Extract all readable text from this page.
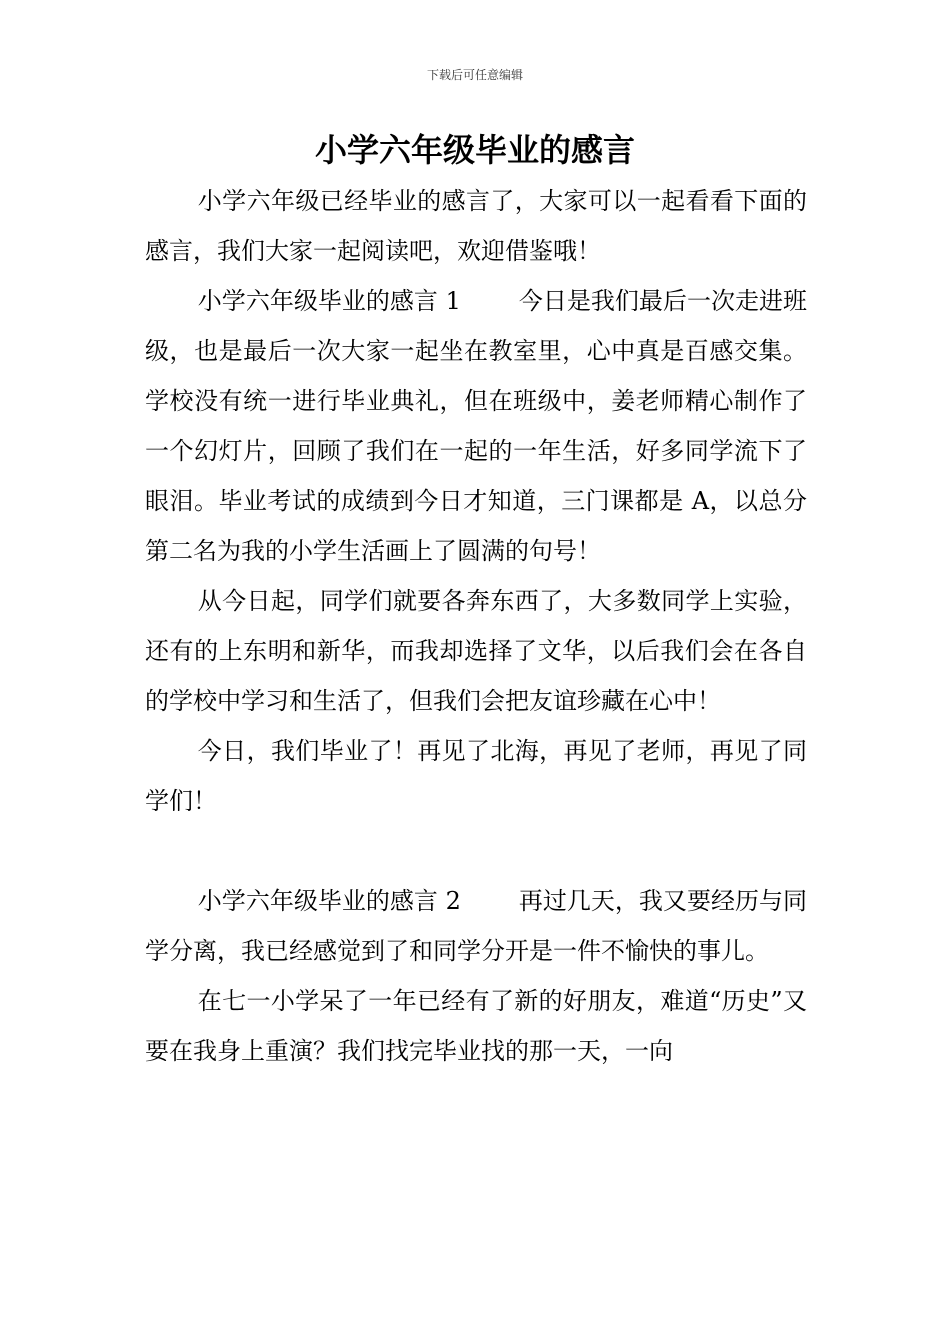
下载后可任意编辑
小学六年级毕业的感言

小学六年级已经毕业的感言了，大家可以一起看看下面的感言，我们大家一起阅读吧，欢迎借鉴哦！

小学六年级毕业的感言 1 今日是我们最后一次走进班级，也是最后一次大家一起坐在教室里，心中真是百感交集。学校没有统一进行毕业典礼，但在班级中，姜老师精心制作了一个幻灯片，回顾了我们在一起的一年生活，好多同学流下了眼泪。毕业考试的成绩到今日才知道，三门课都是 A，以总分第二名为我的小学生活画上了圆满的句号！

从今日起，同学们就要各奔东西了，大多数同学上实验，还有的上东明和新华，而我却选择了文华，以后我们会在各自的学校中学习和生活了，但我们会把友谊珍藏在心中！

今日，我们毕业了！再见了北海，再见了老师，再见了同学们！

小学六年级毕业的感言 2 再过几天，我又要经历与同学分离，我已经感觉到了和同学分开是一件不愉快的事儿。

在七一小学呆了一年已经有了新的好朋友，难道“历史”又要在我身上重演？我们找完毕业找的那一天，一向
